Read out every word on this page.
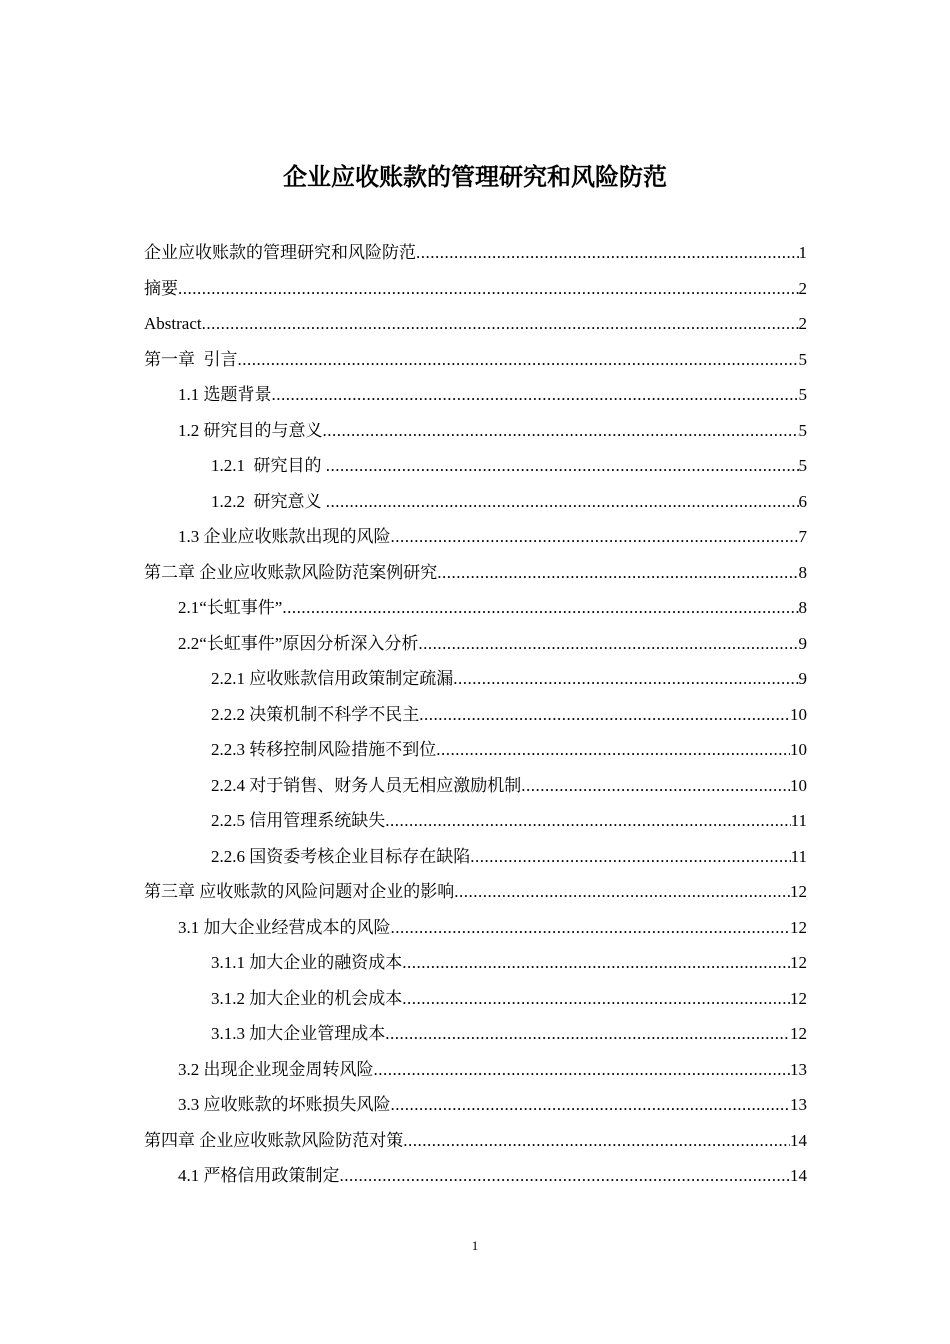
企业应收账款的管理研究和风险防范
企业应收账款的管理研究和风险防范 .....	1
摘要 .....	2
Abstract .....	2
第一章  引言 .....	5
1.1 选题背景 .....	5
1.2 研究目的与意义 .....	5
1.2.1  研究目的 .....	5
1.2.2  研究意义 .....	6
1.3 企业应收账款出现的风险 .....	7
第二章 企业应收账款风险防范案例研究 .....	8
2.1“长虹事件” .....	8
2.2“长虹事件”原因分析深入分析 .....	9
2.2.1 应收账款信用政策制定疏漏 .....	9
2.2.2 决策机制不科学不民主 .....	10
2.2.3 转移控制风险措施不到位 .....	10
2.2.4 对于销售、财务人员无相应激励机制 .....	10
2.2.5 信用管理系统缺失 .....	11
2.2.6 国资委考核企业目标存在缺陷 .....	11
第三章 应收账款的风险问题对企业的影响 .....	12
3.1 加大企业经营成本的风险 .....	12
3.1.1 加大企业的融资成本 .....	12
3.1.2 加大企业的机会成本 .....	12
3.1.3 加大企业管理成本 .....	12
3.2 出现企业现金周转风险 .....	13
3.3 应收账款的坏账损失风险 .....	13
第四章 企业应收账款风险防范对策 .....	14
4.1 严格信用政策制定 .....	14
1
